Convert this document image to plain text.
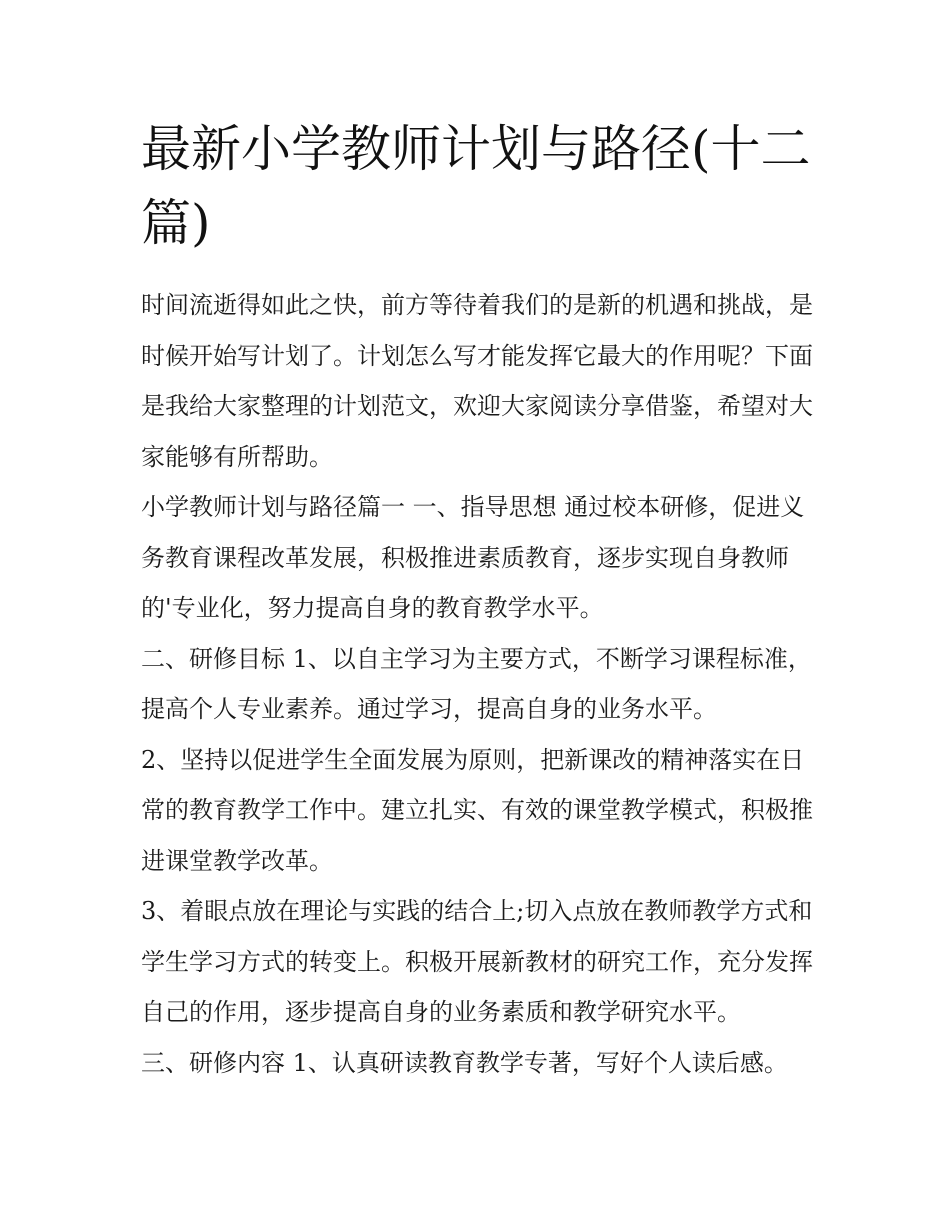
最新小学教师计划与路径(十二篇)

时间流逝得如此之快，前方等待着我们的是新的机遇和挑战，是时候开始写计划了。计划怎么写才能发挥它最大的作用呢？下面是我给大家整理的计划范文，欢迎大家阅读分享借鉴，希望对大家能够有所帮助。

小学教师计划与路径篇一 一、指导思想 通过校本研修，促进义务教育课程改革发展，积极推进素质教育，逐步实现自身教师的'专业化，努力提高自身的教育教学水平。

二、研修目标 1、以自主学习为主要方式，不断学习课程标准，提高个人专业素养。通过学习，提高自身的业务水平。

2、坚持以促进学生全面发展为原则，把新课改的精神落实在日常的教育教学工作中。建立扎实、有效的课堂教学模式，积极推进课堂教学改革。

3、着眼点放在理论与实践的结合上;切入点放在教师教学方式和学生学习方式的转变上。积极开展新教材的研究工作，充分发挥自己的作用，逐步提高自身的业务素质和教学研究水平。

三、研修内容 1、认真研读教育教学专著，写好个人读后感。
